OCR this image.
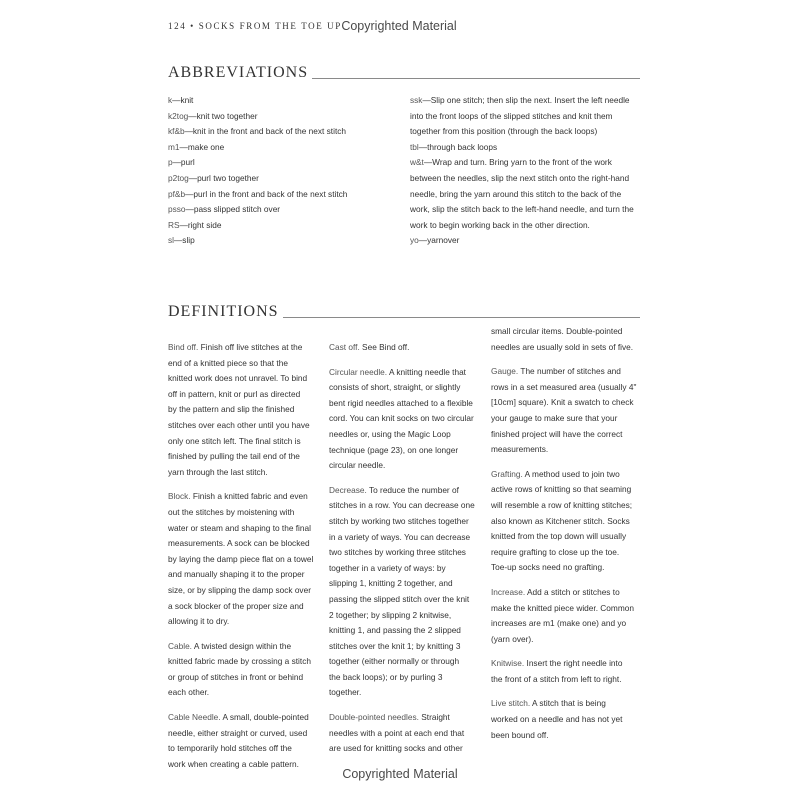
124 • SOCKS FROM THE TOE UP Copyrighted Material
ABBREVIATIONS
k—knit
k2tog—knit two together
kf&b—knit in the front and back of the next stitch
m1—make one
p—purl
p2tog—purl two together
pf&b—purl in the front and back of the next stitch
psso—pass slipped stitch over
RS—right side
sl—slip
ssk—Slip one stitch; then slip the next. Insert the left needle
into the front loops of the slipped stitches and knit them
together from this position (through the back loops)
tbl—through back loops
w&t—Wrap and turn. Bring yarn to the front of the work
between the needles, slip the next stitch onto the right-hand
needle, bring the yarn around this stitch to the back of the
work, slip the stitch back to the left-hand needle, and turn the
work to begin working back in the other direction.
yo—yarnover
DEFINITIONS
Bind off. Finish off live stitches at the
end of a knitted piece so that the
knitted work does not unravel. To bind
off in pattern, knit or purl as directed
by the pattern and slip the finished
stitches over each other until you have
only one stitch left. The final stitch is
finished by pulling the tail end of the
yarn through the last stitch.
Block. Finish a knitted fabric and even
out the stitches by moistening with
water or steam and shaping to the final
measurements. A sock can be blocked
by laying the damp piece flat on a towel
and manually shaping it to the proper
size, or by slipping the damp sock over
a sock blocker of the proper size and
allowing it to dry.
Cable. A twisted design within the
knitted fabric made by crossing a stitch
or group of stitches in front or behind
each other.
Cable Needle. A small, double-pointed
needle, either straight or curved, used
to temporarily hold stitches off the
work when creating a cable pattern.
Cast off. See Bind off.
Circular needle. A knitting needle that
consists of short, straight, or slightly
bent rigid needles attached to a flexible
cord. You can knit socks on two circular
needles or, using the Magic Loop
technique (page 23), on one longer
circular needle.
Decrease. To reduce the number of
stitches in a row. You can decrease one
stitch by working two stitches together
in a variety of ways. You can decrease
two stitches by working three stitches
together in a variety of ways: by
slipping 1, knitting 2 together, and
passing the slipped stitch over the knit
2 together; by slipping 2 knitwise,
knitting 1, and passing the 2 slipped
stitches over the knit 1; by knitting 3
together (either normally or through
the back loops); or by purling 3
together.
Double-pointed needles. Straight
needles with a point at each end that
are used for knitting socks and other
small circular items. Double-pointed
needles are usually sold in sets of five.
Gauge. The number of stitches and
rows in a set measured area (usually 4"
[10cm] square). Knit a swatch to check
your gauge to make sure that your
finished project will have the correct
measurements.
Grafting. A method used to join two
active rows of knitting so that seaming
will resemble a row of knitting stitches;
also known as Kitchener stitch. Socks
knitted from the top down will usually
require grafting to close up the toe.
Toe-up socks need no grafting.
Increase. Add a stitch or stitches to
make the knitted piece wider. Common
increases are m1 (make one) and yo
(yarn over).
Knitwise. Insert the right needle into
the front of a stitch from left to right.
Live stitch. A stitch that is being
worked on a needle and has not yet
been bound off.
Copyrighted Material
